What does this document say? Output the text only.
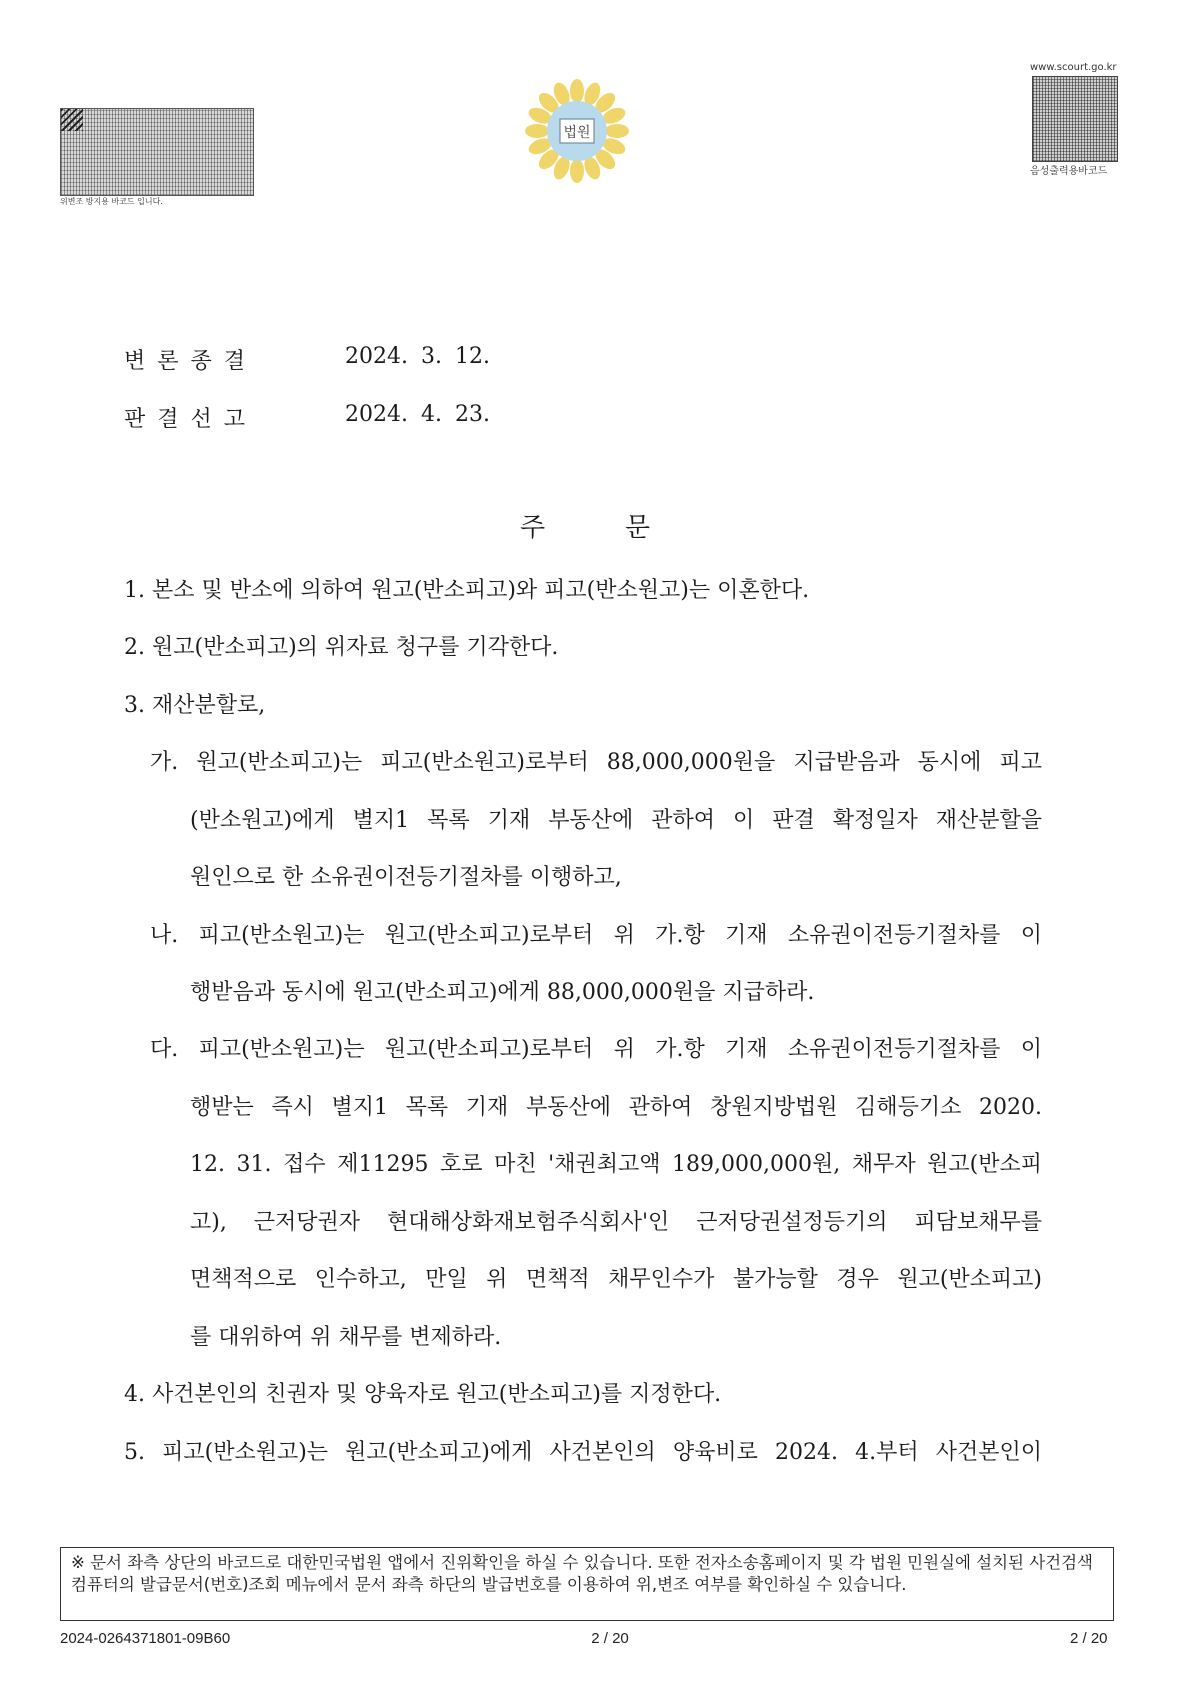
위변조 방지용 바코드 입니다.
법원
www.scourt.go.kr
음성출력용바코드
변론종결	2024. 3. 12.
판결선고	2024. 4. 23.
주 문
1. 본소 및 반소에 의하여 원고(반소피고)와 피고(반소원고)는 이혼한다.
2. 원고(반소피고)의 위자료 청구를 기각한다.
3. 재산분할로,
가. 원고(반소피고)는 피고(반소원고)로부터 88,000,000원을 지급받음과 동시에 피고
(반소원고)에게 별지1 목록 기재 부동산에 관하여 이 판결 확정일자 재산분할을
원인으로 한 소유권이전등기절차를 이행하고,
나. 피고(반소원고)는 원고(반소피고)로부터 위 가.항 기재 소유권이전등기절차를 이
행받음과 동시에 원고(반소피고)에게 88,000,000원을 지급하라.
다. 피고(반소원고)는 원고(반소피고)로부터 위 가.항 기재 소유권이전등기절차를 이
행받는 즉시 별지1 목록 기재 부동산에 관하여 창원지방법원 김해등기소 2020.
12. 31. 접수 제11295 호로 마친 '채권최고액 189,000,000원, 채무자 원고(반소피
고), 근저당권자 현대해상화재보험주식회사'인 근저당권설정등기의 피담보채무를
면책적으로 인수하고, 만일 위 면책적 채무인수가 불가능할 경우 원고(반소피고)
를 대위하여 위 채무를 변제하라.
4. 사건본인의 친권자 및 양육자로 원고(반소피고)를 지정한다.
5. 피고(반소원고)는 원고(반소피고)에게 사건본인의 양육비로 2024. 4.부터 사건본인이
※ 문서 좌측 상단의 바코드로 대한민국법원 앱에서 진위확인을 하실 수 있습니다. 또한 전자소송홈페이지 및 각 법원 민원실에 설치된 사건검색 컴퓨터의 발급문서(번호)조회 메뉴에서 문서 좌측 하단의 발급번호를 이용하여 위,변조 여부를 확인하실 수 있습니다.
2024-0264371801-09B60	2 / 20	2 / 20
